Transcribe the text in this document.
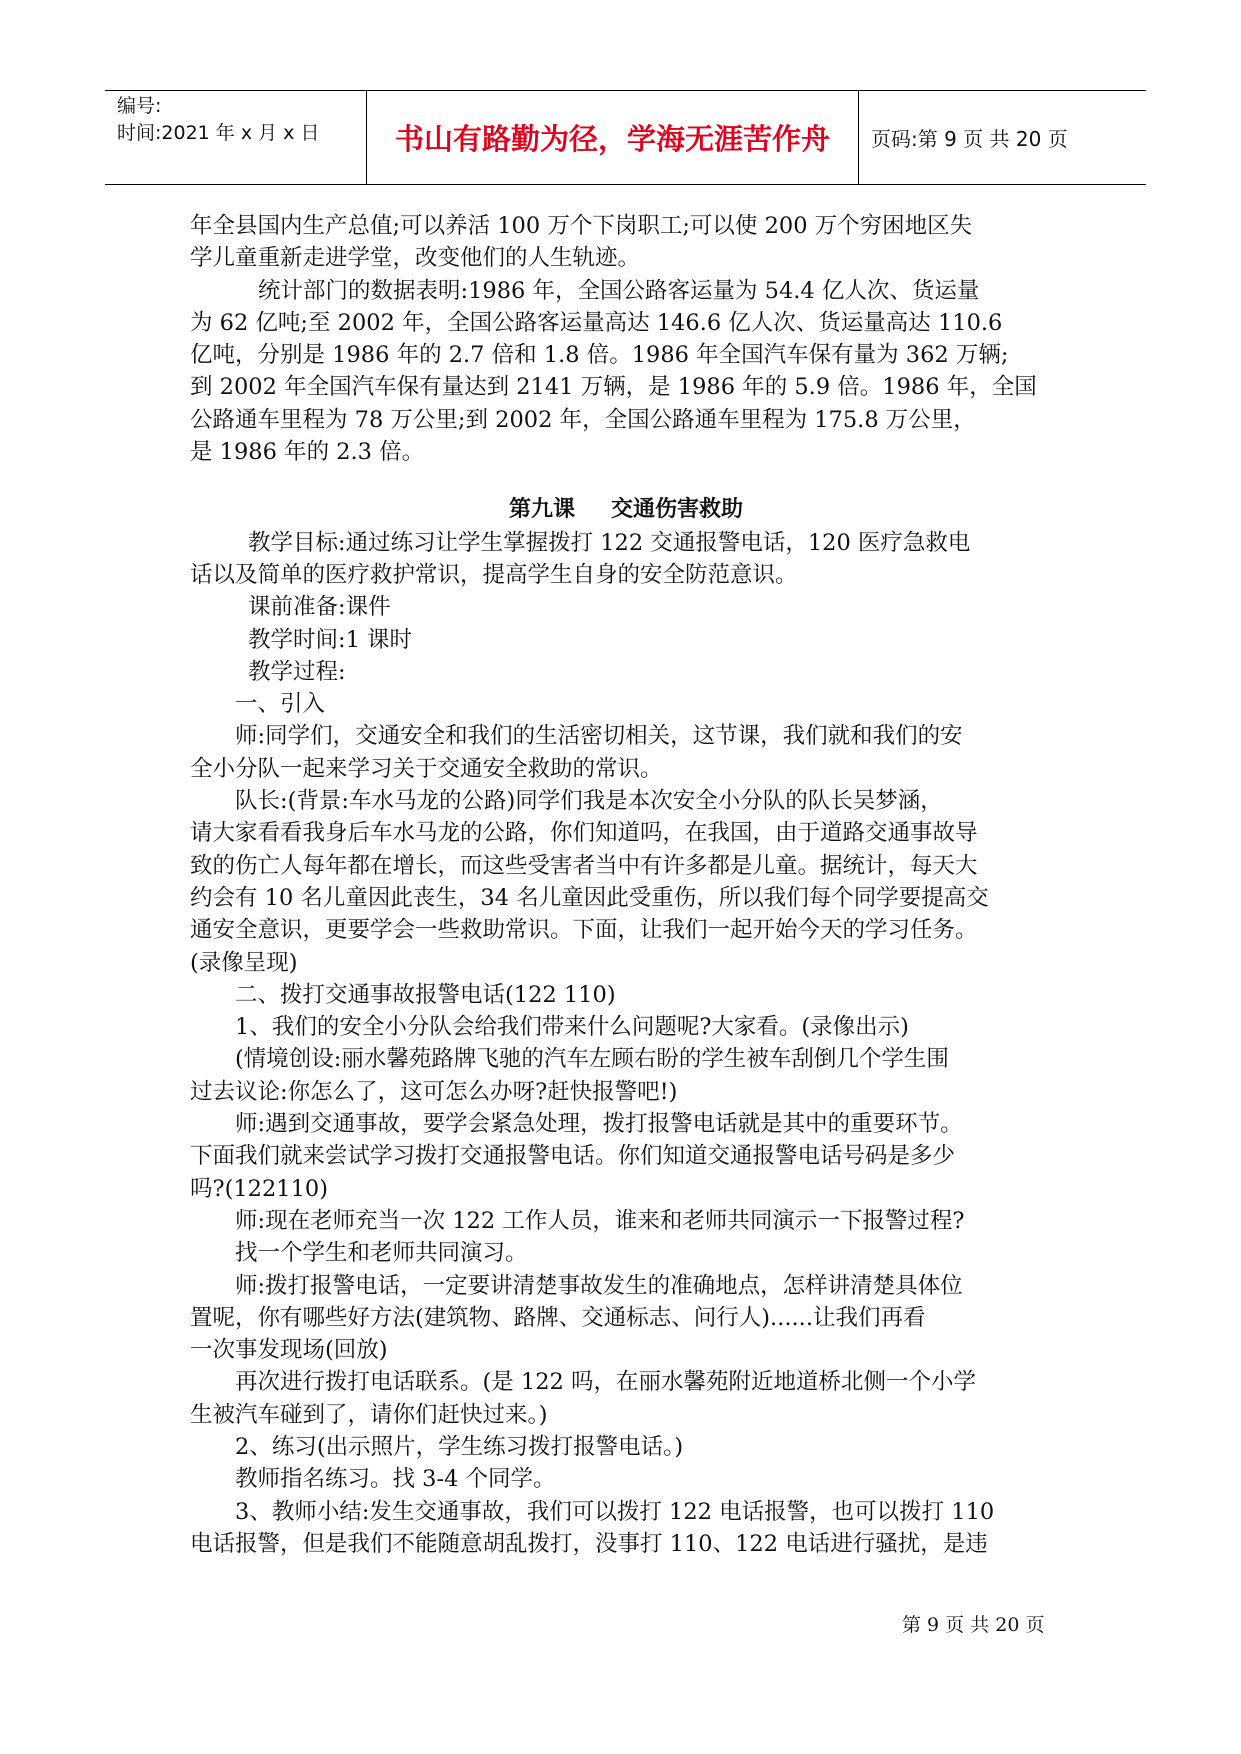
编号:
时间:2021 年 x 月 x 日	书山有路勤为径，学海无涯苦作舟	页码:第 9 页 共 20 页

年全县国内生产总值;可以养活 100 万个下岗职工;可以使 200 万个穷困地区失

学儿童重新走进学堂，改变他们的人生轨迹。

统计部门的数据表明:1986 年，全国公路客运量为 54.4 亿人次、货运量

为 62 亿吨;至 2002 年，全国公路客运量高达 146.6 亿人次、货运量高达 110.6

亿吨，分别是 1986 年的 2.7 倍和 1.8 倍。1986 年全国汽车保有量为 362 万辆;

到 2002 年全国汽车保有量达到 2141 万辆，是 1986 年的 5.9 倍。1986 年，全国

公路通车里程为 78 万公里;到 2002 年，全国公路通车里程为 175.8 万公里，

是 1986 年的 2.3 倍。

第九课 交通伤害救助

教学目标:通过练习让学生掌握拨打 122 交通报警电话，120 医疗急救电

话以及简单的医疗救护常识，提高学生自身的安全防范意识。

课前准备:课件

教学时间:1 课时

教学过程:

一、引入

师:同学们，交通安全和我们的生活密切相关，这节课，我们就和我们的安

全小分队一起来学习关于交通安全救助的常识。

队长:(背景:车水马龙的公路)同学们我是本次安全小分队的队长吴梦涵，

请大家看看我身后车水马龙的公路，你们知道吗，在我国，由于道路交通事故导

致的伤亡人每年都在增长，而这些受害者当中有许多都是儿童。据统计，每天大

约会有 10 名儿童因此丧生，34 名儿童因此受重伤，所以我们每个同学要提高交

通安全意识，更要学会一些救助常识。下面，让我们一起开始今天的学习任务。

(录像呈现)

二、拨打交通事故报警电话(122 110)

1、我们的安全小分队会给我们带来什么问题呢?大家看。(录像出示)

(情境创设:丽水馨苑路牌飞驰的汽车左顾右盼的学生被车刮倒几个学生围

过去议论:你怎么了，这可怎么办呀?赶快报警吧!)

师:遇到交通事故，要学会紧急处理，拨打报警电话就是其中的重要环节。

下面我们就来尝试学习拨打交通报警电话。你们知道交通报警电话号码是多少

吗?(122110)

师:现在老师充当一次 122 工作人员，谁来和老师共同演示一下报警过程?

找一个学生和老师共同演习。

师:拨打报警电话，一定要讲清楚事故发生的准确地点，怎样讲清楚具体位

置呢，你有哪些好方法(建筑物、路牌、交通标志、问行人)......让我们再看

一次事发现场(回放)

再次进行拨打电话联系。(是 122 吗，在丽水馨苑附近地道桥北侧一个小学

生被汽车碰到了，请你们赶快过来。)

2、练习(出示照片，学生练习拨打报警电话。)

教师指名练习。找 3-4 个同学。

3、教师小结:发生交通事故，我们可以拨打 122 电话报警，也可以拨打 110

电话报警，但是我们不能随意胡乱拨打，没事打 110、122 电话进行骚扰，是违

第 9 页 共 20 页
